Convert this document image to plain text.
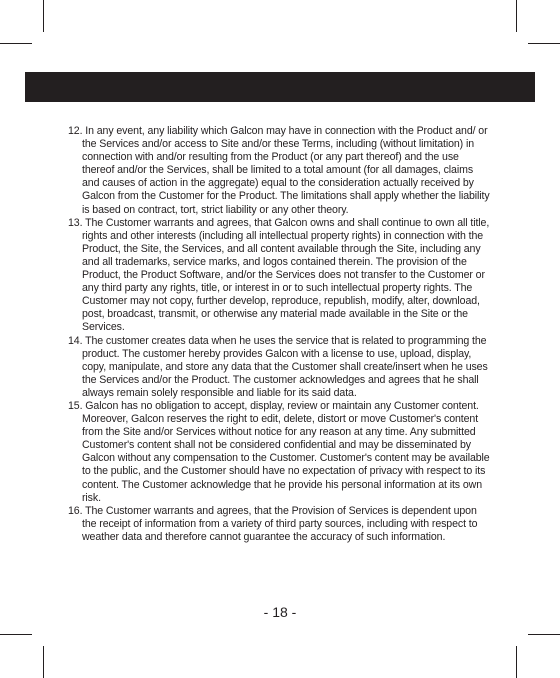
12. In any event, any liability which Galcon may have in connection with the Product and/ or the Services and/or access to Site and/or these Terms, including (without limitation) in connection with and/or resulting from the Product (or any part thereof) and the use thereof and/or the Services, shall be limited to a total amount (for all damages, claims and causes of action in the aggregate) equal to the consideration actually received by Galcon from the Customer for the Product. The limitations shall apply whether the liability is based on contract, tort, strict liability or any other theory.

13. The Customer warrants and agrees, that Galcon owns and shall continue to own all title, rights and other interests (including all intellectual property rights) in connection with the Product, the Site, the Services, and all content available through the Site, including any and all trademarks, service marks, and logos contained therein. The provision of the Product, the Product Software, and/or the Services does not transfer to the Customer or any third party any rights, title, or interest in or to such intellectual property rights. The Customer may not copy, further develop, reproduce, republish, modify, alter, download, post, broadcast, transmit, or otherwise any material made available in the Site or the Services.

14. The customer creates data when he uses the service that is related to programming the product. The customer hereby provides Galcon with a license to use, upload, display, copy, manipulate, and store any data that the Customer shall create/insert when he uses the Services and/or the Product. The customer acknowledges and agrees that he shall always remain solely responsible and liable for its said data.

15. Galcon has no obligation to accept, display, review or maintain any Customer content. Moreover, Galcon reserves the right to edit, delete, distort or move Customer's content from the Site and/or Services without notice for any reason at any time. Any submitted Customer's content shall not be considered confidential and may be disseminated by Galcon without any compensation to the Customer. Customer's content may be available to the public, and the Customer should have no expectation of privacy with respect to its content. The Customer acknowledge that he provide his personal information at its own risk.

16. The Customer warrants and agrees, that the Provision of Services is dependent upon the receipt of information from a variety of third party sources, including with respect to weather data and therefore cannot guarantee the accuracy of such information.

- 18 -
